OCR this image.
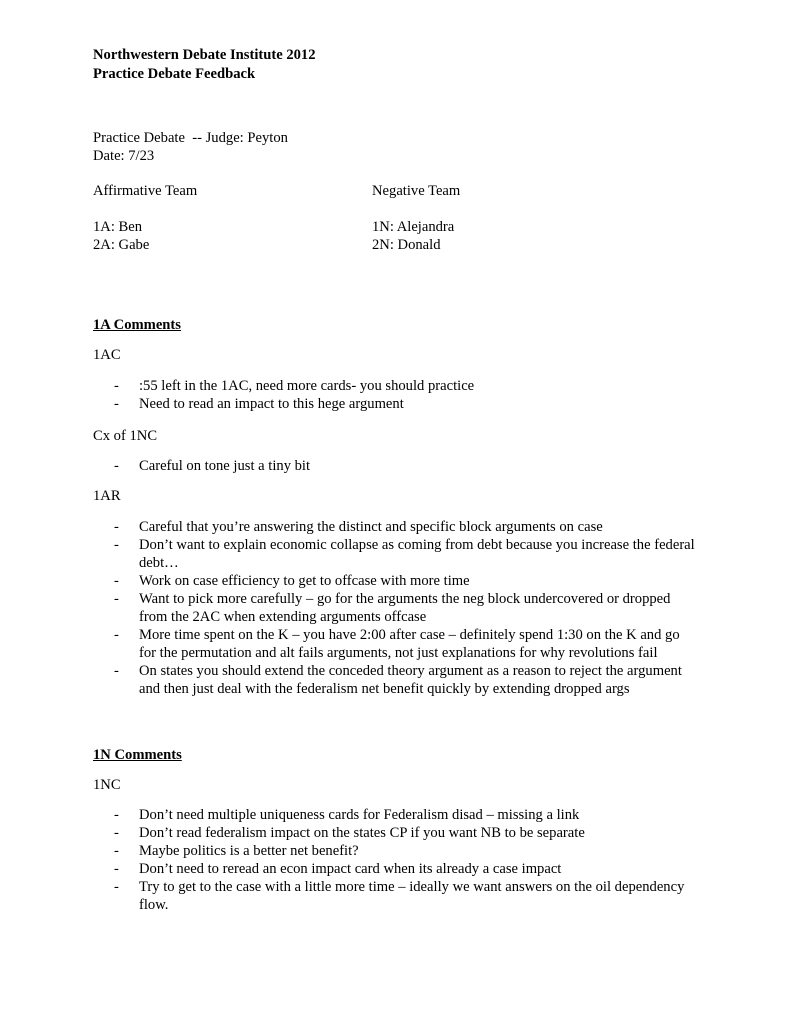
Northwestern Debate Institute 2012
Practice Debate Feedback
Practice Debate  -- Judge: Peyton
Date: 7/23
Affirmative Team
1A: Ben
2A: Gabe
Negative Team
1N: Alejandra
2N: Donald
1A Comments
1AC
- :55 left in the 1AC, need more cards- you should practice
- Need to read an impact to this hege argument
Cx of 1NC
- Careful on tone just a tiny bit
1AR
- Careful that you’re answering the distinct and specific block arguments on case
- Don’t want to explain economic collapse as coming from debt because you increase the federal debt…
- Work on case efficiency to get to offcase with more time
- Want to pick more carefully – go for the arguments the neg block undercovered or dropped from the 2AC when extending arguments offcase
- More time spent on the K – you have 2:00 after case – definitely spend 1:30 on the K and go for the permutation and alt fails arguments, not just explanations for why revolutions fail
- On states you should extend the conceded theory argument as a reason to reject the argument and then just deal with the federalism net benefit quickly by extending dropped args
1N Comments
1NC
- Don’t need multiple uniqueness cards for Federalism disad – missing a link
- Don’t read federalism impact on the states CP if you want NB to be separate
- Maybe politics is a better net benefit?
- Don’t need to reread an econ impact card when its already a case impact
- Try to get to the case with a little more time – ideally we want answers on the oil dependency flow.
